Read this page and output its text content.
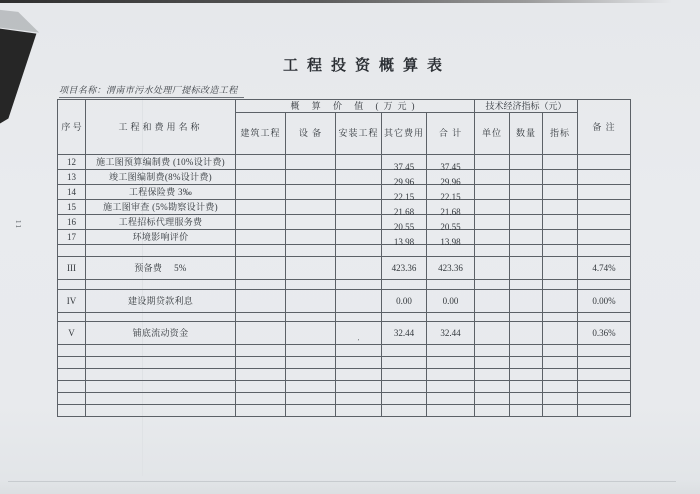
11
工程投资概算表
项目名称：渭南市污水处理厂提标改造工程
序 号	工程和费用名称	概 算 价 值 (万元)					技术经济指标（元）			备 注
		建筑工程	设 备	安装工程	其它费用	合 计	单位	数量	指标	
12	施工图预算编制费 (10%设计费)				37.45	37.45				
13	竣工图编制费(8%设计费)				29.96	29.96				
14	工程保险费 3‰				22.15	22.15				
15	施工图审查 (5%勘察设计费)				21.68	21.68				
16	工程招标代理服务费				20.55	20.55				
17	环境影响评价				13.98	13.98				

III	预备费　 5%				423.36	423.36				4.74%

IV	建设期贷款利息				0.00	0.00				0.00%

V	铺底流动资金			,	32.44	32.44				0.36%
